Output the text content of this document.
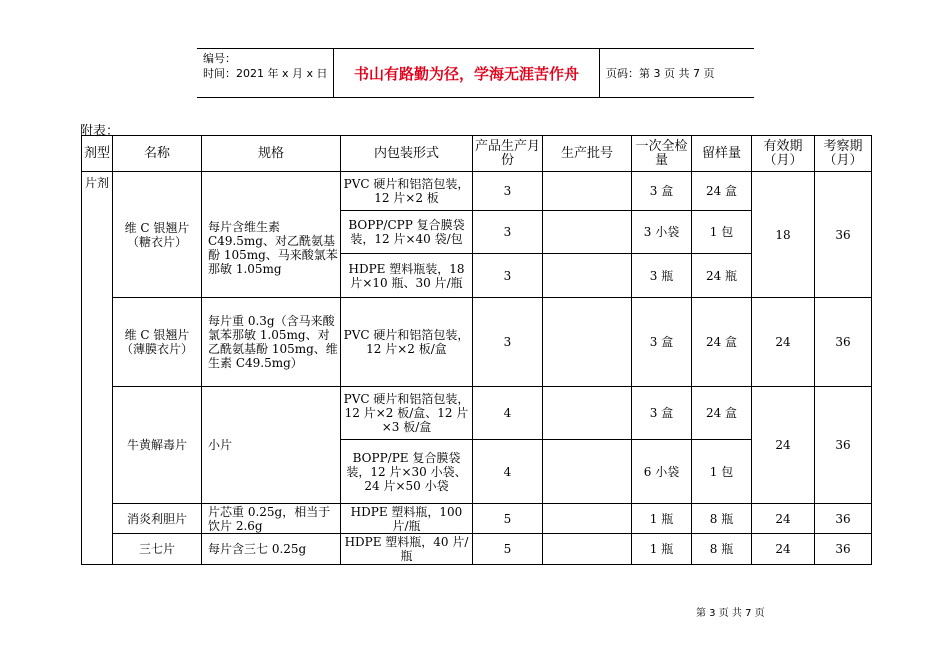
编号：
时间：2021 年 x 月 x 日	书山有路勤为径，学海无涯苦作舟	页码：第 3 页 共 7 页
附表：
剂型	名称	规格	内包装形式	产品生产月份	生产批号	一次全检量	留样量	有效期（月）	考察期（月）
片剂	维 C 银翘片（糖衣片）	每片含维生素 C49.5mg、对乙酰氨基酚 105mg、马来酸氯苯那敏 1.05mg	PVC 硬片和铝箔包装，12 片×2 板	3		3 盒	24 盒	18	36
			BOPP/CPP 复合膜袋装，12 片×40 袋/包	3		3 小袋	1 包		
			HDPE 塑料瓶装，18 片×10 瓶、30 片/瓶	3		3 瓶	24 瓶		
	维 C 银翘片（薄膜衣片）	每片重 0.3g（含马来酸氯苯那敏 1.05mg、对乙酰氨基酚 105mg、维生素 C49.5mg）	PVC 硬片和铝箔包装，12 片×2 板/盒	3		3 盒	24 盒	24	36
	牛黄解毒片	小片	PVC 硬片和铝箔包装，12 片×2 板/盒、12 片×3 板/盒	4		3 盒	24 盒	24	36
			BOPP/PE 复合膜袋装，12 片×30 小袋、24 片×50 小袋	4		6 小袋	1 包		
	消炎利胆片	片芯重 0.25g，相当于饮片 2.6g	HDPE 塑料瓶，100 片/瓶	5		1 瓶	8 瓶	24	36
	三七片	每片含三七 0.25g	HDPE 塑料瓶，40 片/瓶	5		1 瓶	8 瓶	24	36
第 3 页 共 7 页
